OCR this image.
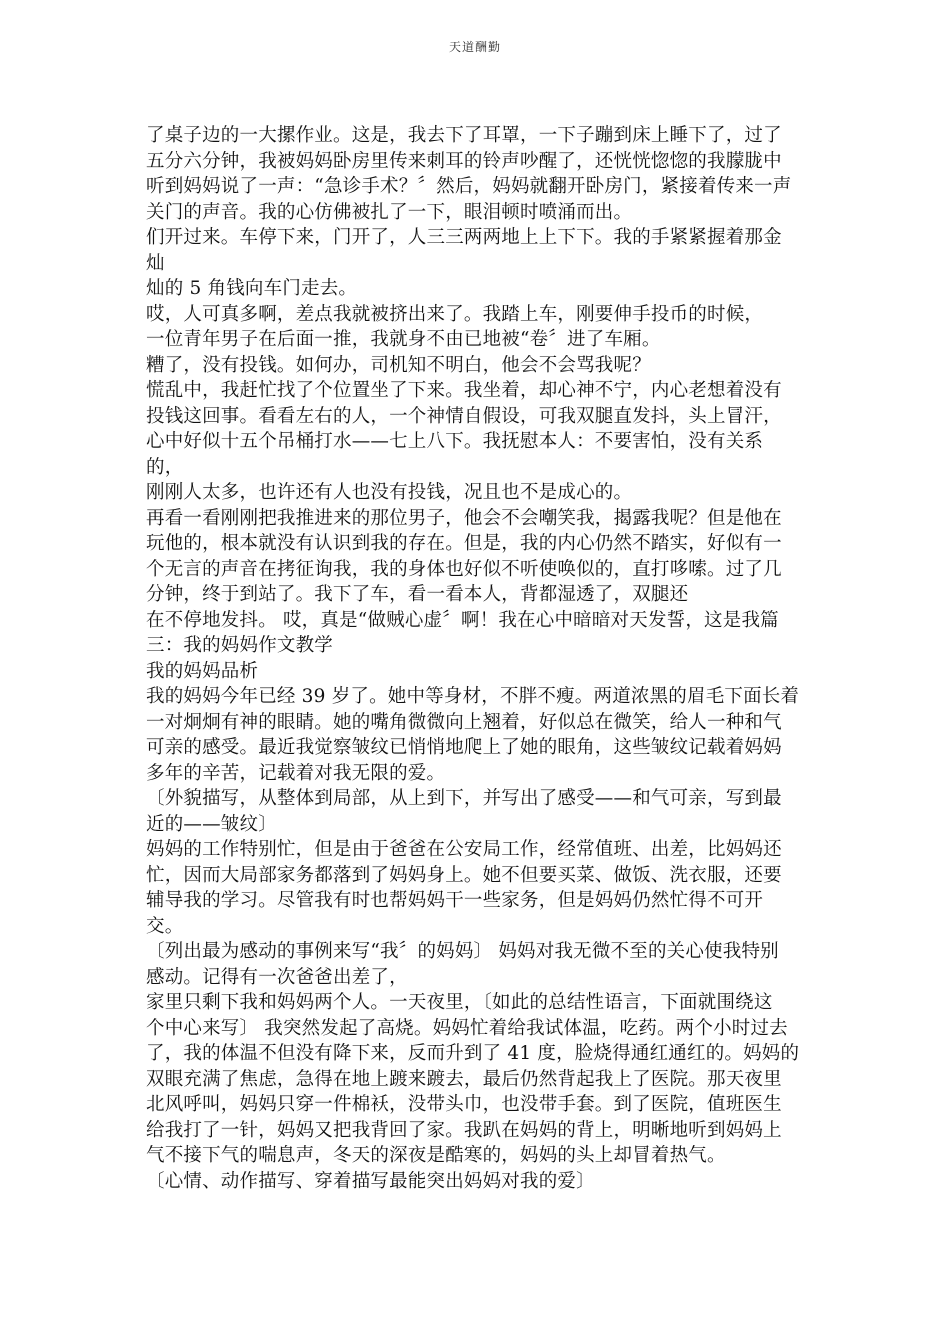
天道酬勤
了桌子边的一大摞作业。这是，我去下了耳罩，一下子蹦到床上睡下了，过了
五分六分钟，我被妈妈卧房里传来刺耳的铃声吵醒了，还恍恍惚惚的我朦胧中
听到妈妈说了一声：“急诊手术？〞然后，妈妈就翻开卧房门，紧接着传来一声
关门的声音。我的心仿佛被扎了一下，眼泪顿时喷涌而出。
们开过来。车停下来，门开了，人三三两两地上上下下。我的手紧紧握着那金
灿
灿的 5 角钱向车门走去。
哎，人可真多啊，差点我就被挤出来了。我踏上车，刚要伸手投币的时候，
一位青年男子在后面一推，我就身不由已地被“卷〞进了车厢。
糟了，没有投钱。如何办，司机知不明白，他会不会骂我呢？
慌乱中，我赶忙找了个位置坐了下来。我坐着，却心神不宁，内心老想着没有
投钱这回事。看看左右的人，一个神情自假设，可我双腿直发抖，头上冒汗，
心中好似十五个吊桶打水——七上八下。我抚慰本人：不要害怕，没有关系
的，
刚刚人太多，也许还有人也没有投钱，况且也不是成心的。
再看一看刚刚把我推进来的那位男子，他会不会嘲笑我，揭露我呢？但是他在
玩他的，根本就没有认识到我的存在。但是，我的内心仍然不踏实，好似有一
个无言的声音在拷征询我，我的身体也好似不听使唤似的，直打哆嗦。过了几
分钟，终于到站了。我下了车，看一看本人，背都湿透了，双腿还
在不停地发抖。 哎，真是“做贼心虚〞啊！我在心中暗暗对天发誓，这是我篇
三：我的妈妈作文教学
我的妈妈品析
我的妈妈今年已经 39 岁了。她中等身材，不胖不瘦。两道浓黑的眉毛下面长着
一对炯炯有神的眼睛。她的嘴角微微向上翘着，好似总在微笑，给人一种和气
可亲的感受。最近我觉察皱纹已悄悄地爬上了她的眼角，这些皱纹记载着妈妈
多年的辛苦，记载着对我无限的爱。
〔外貌描写，从整体到局部，从上到下，并写出了感受——和气可亲，写到最
近的——皱纹〕
妈妈的工作特别忙，但是由于爸爸在公安局工作，经常值班、出差，比妈妈还
忙，因而大局部家务都落到了妈妈身上。她不但要买菜、做饭、洗衣服，还要
辅导我的学习。尽管我有时也帮妈妈干一些家务，但是妈妈仍然忙得不可开
交。
〔列出最为感动的事例来写“我〞的妈妈〕 妈妈对我无微不至的关心使我特别
感动。记得有一次爸爸出差了，
家里只剩下我和妈妈两个人。一天夜里，〔如此的总结性语言，下面就围绕这
个中心来写〕 我突然发起了高烧。妈妈忙着给我试体温，吃药。两个小时过去
了，我的体温不但没有降下来，反而升到了 41 度，脸烧得通红通红的。妈妈的
双眼充满了焦虑，急得在地上踱来踱去，最后仍然背起我上了医院。那天夜里
北风呼叫，妈妈只穿一件棉袄，没带头巾，也没带手套。到了医院，值班医生
给我打了一针，妈妈又把我背回了家。我趴在妈妈的背上，明晰地听到妈妈上
气不接下气的喘息声，冬天的深夜是酷寒的，妈妈的头上却冒着热气。
〔心情、动作描写、穿着描写最能突出妈妈对我的爱〕
